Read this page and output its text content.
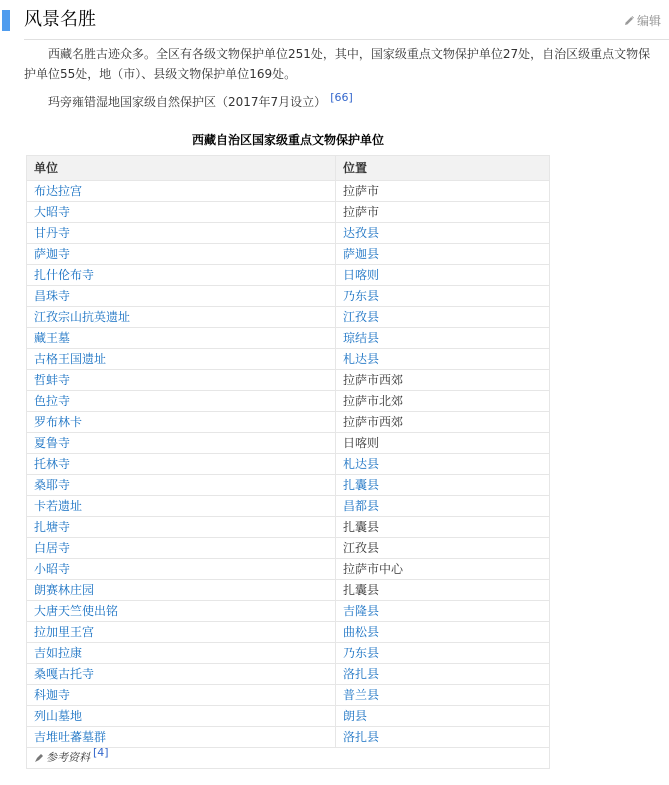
风景名胜	编辑
西藏名胜古迹众多。全区有各级文物保护单位251处，其中，国家级重点文物保护单位27处，自治区级重点文物保护单位55处，地（市）、县级文物保护单位169处。
玛旁雍错湿地国家级自然保护区（2017年7月设立） [66]
西藏自治区国家级重点文物保护单位
单位	位置
布达拉宫	拉萨市
大昭寺	拉萨市
甘丹寺	达孜县
萨迦寺	萨迦县
扎什伦布寺	日喀则
昌珠寺	乃东县
江孜宗山抗英遗址	江孜县
藏王墓	琼结县
古格王国遗址	札达县
哲蚌寺	拉萨市西郊
色拉寺	拉萨市北郊
罗布林卡	拉萨市西郊
夏鲁寺	日喀则
托林寺	札达县
桑耶寺	扎囊县
卡若遗址	昌都县
扎塘寺	扎囊县
白居寺	江孜县
小昭寺	拉萨市中心
朗赛林庄园	扎囊县
大唐天竺使出铭	吉隆县
拉加里王宫	曲松县
吉如拉康	乃东县
桑嘎古托寺	洛扎县
科迦寺	普兰县
列山墓地	朗县
吉堆吐蕃墓群	洛扎县
参考资料 [4]	
